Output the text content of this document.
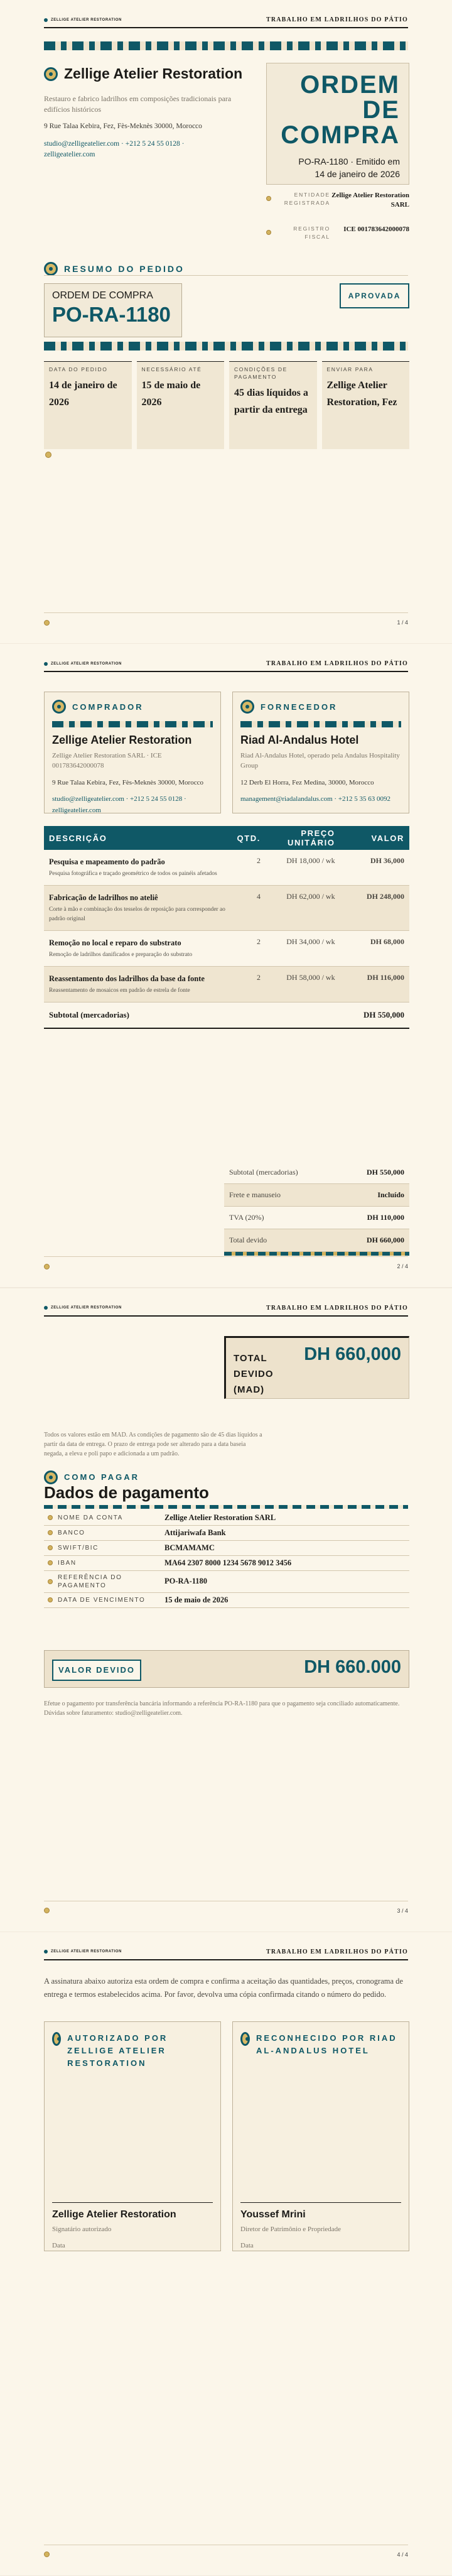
ZELLIGE ATELIER RESTORATION	TRABALHO EM LADRILHOS DO PÁTIO
Zellige Atelier Restoration
Restauro e fabrico ladrilhos em composições tradicionais para edifícios históricos
9 Rue Talaa Kebira, Fez, Fès-Meknès 30000, Morocco
studio@zelligeatelier.com · +212 5 24 55 0128 ·
zelligeatelier.com
ORDEM
DE
COMPRA
PO-RA-1180 · Emitido em
14 de janeiro de 2026
ENTIDADE REGISTRADA
Zellige Atelier Restoration SARL
REGISTRO FISCAL
ICE 001783642000078
RESUMO DO PEDIDO
ORDEM DE COMPRA
PO-RA-1180
APROVADA
DATA DO PEDIDO
14 de janeiro de 2026
NECESSÁRIO ATÉ
15 de maio de 2026
CONDIÇÕES DE PAGAMENTO
45 dias líquidos a partir da entrega
ENVIAR PARA
Zellige Atelier Restoration, Fez
1 / 4
ZELLIGE ATELIER RESTORATION	TRABALHO EM LADRILHOS DO PÁTIO
COMPRADOR
Zellige Atelier Restoration
Zellige Atelier Restoration SARL · ICE 001783642000078
9 Rue Talaa Kebira, Fez, Fès-Meknès 30000, Morocco
studio@zelligeatelier.com · +212 5 24 55 0128 · zelligeatelier.com
FORNECEDOR
Riad Al-Andalus Hotel
Riad Al-Andalus Hotel, operado pela Andalus Hospitality Group
12 Derb El Horra, Fez Medina, 30000, Morocco
management@riadalandalus.com · +212 5 35 63 0092
DESCRIÇÃO	QTD.	PREÇO UNITÁRIO	VALOR

Pesquisa e mapeamento do padrão
Pesquisa fotográfica e traçado geométrico de todos os painéis afetados	2	DH 18,000 / wk	DH 36,000

Fabricação de ladrilhos no ateliê
Corte à mão e combinação dos tesselos de reposição para corresponder ao padrão original	4	DH 62,000 / wk	DH 248,000

Remoção no local e reparo do substrato
Remoção de ladrilhos danificados e preparação do substrato	2	DH 34,000 / wk	DH 68,000

Reassentamento dos ladrilhos da base da fonte
Reassentamento de mosaicos em padrão de estrela de fonte	2	DH 58,000 / wk	DH 116,000
Subtotal (mercadorias)			DH 550,000
Subtotal (mercadorias)	DH 550,000
Frete e manuseio	Incluído
TVA (20%)	DH 110,000
Total devido	DH 660,000
2 / 4
ZELLIGE ATELIER RESTORATION	TRABALHO EM LADRILHOS DO PÁTIO
TOTAL DEVIDO (MAD)
DH 660,000
Todos os valores estão em MAD. As condições de pagamento são de 45 dias líquidos a partir da data de entrega. O prazo de entrega pode ser alterado para a data baseia negada, a eleva e poli papo e adicionada a um padrão.
COMO PAGAR
Dados de pagamento
NOME DA CONTA	Zellige Atelier Restoration SARL
BANCO	Attijariwafa Bank
SWIFT/BIC	BCMAMAMC
IBAN	MA64 2307 8000 1234 5678 9012 3456
REFERÊNCIA DO PAGAMENTO	PO-RA-1180
DATA DE VENCIMENTO	15 de maio de 2026
VALOR DEVIDO	DH 660.000
Efetue o pagamento por transferência bancária informando a referência PO-RA-1180 para que o pagamento seja conciliado automaticamente. Dúvidas sobre faturamento: studio@zelligeatelier.com.
3 / 4
ZELLIGE ATELIER RESTORATION	TRABALHO EM LADRILHOS DO PÁTIO
A assinatura abaixo autoriza esta ordem de compra e confirma a aceitação das quantidades, preços, cronograma de entrega e termos estabelecidos acima. Por favor, devolva uma cópia confirmada citando o número do pedido.
AUTORIZADO POR ZELLIGE ATELIER RESTORATION
Zellige Atelier Restoration
Signatário autorizado
Data
RECONHECIDO POR RIAD AL-ANDALUS HOTEL
Youssef Mrini
Diretor de Patrimônio e Propriedade
Data
4 / 4
